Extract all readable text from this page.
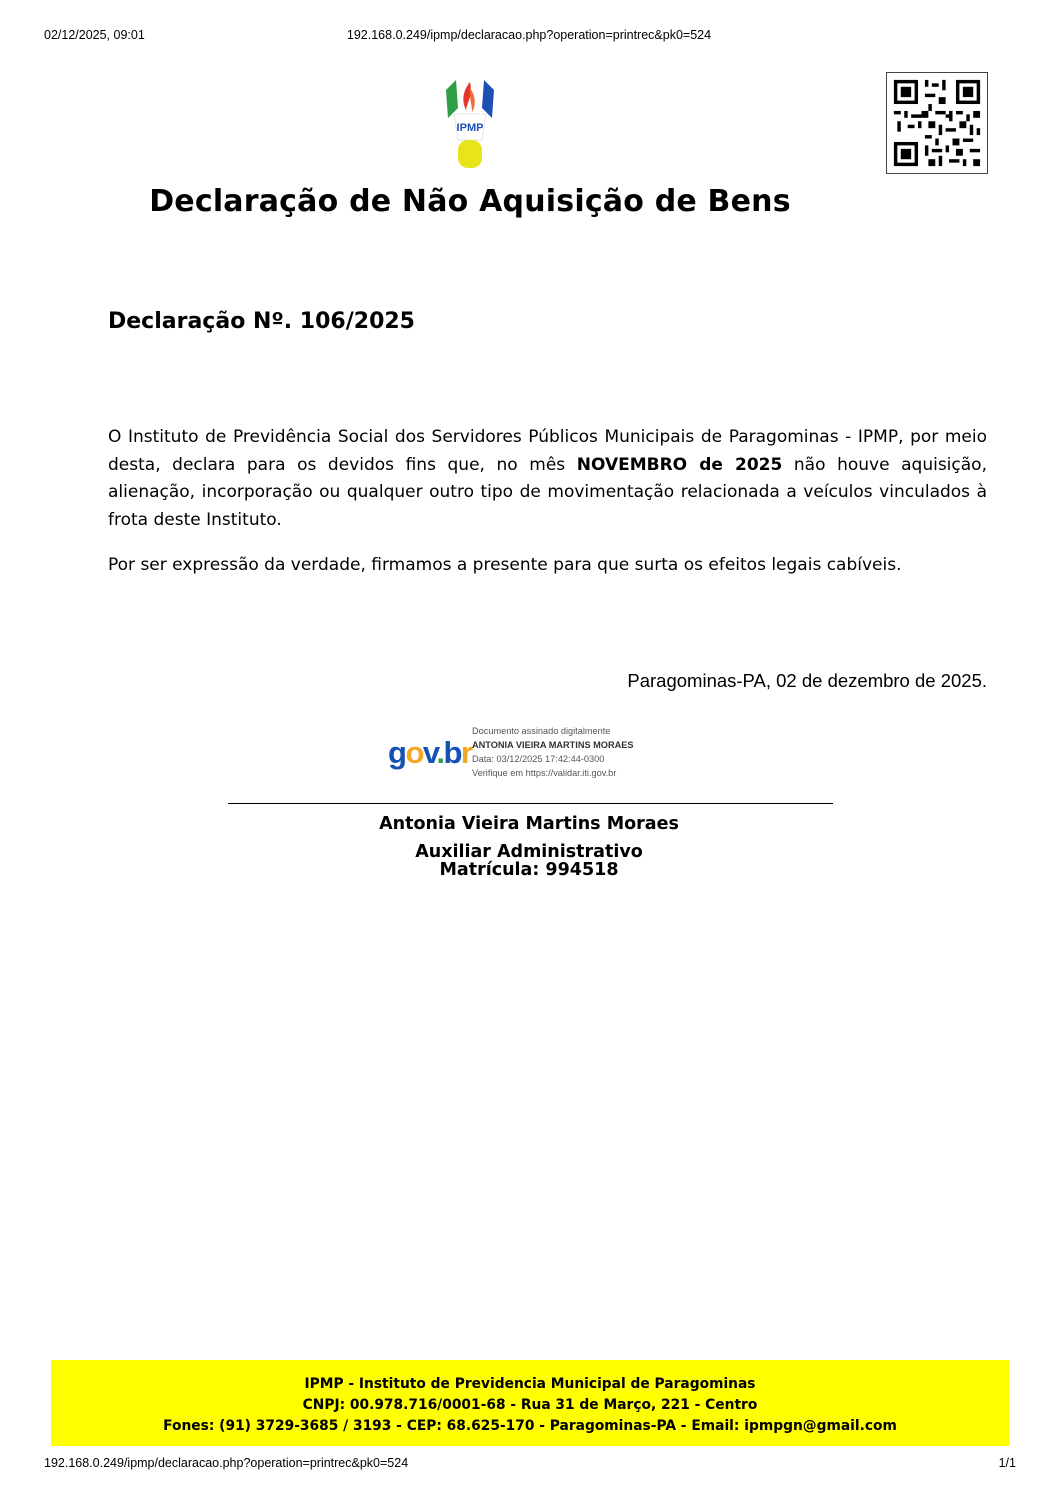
02/12/2025, 09:01	192.168.0.249/ipmp/declaracao.php?operation=printrec&pk0=524
IPMP
Declaração de Não Aquisição de Bens
Declaração Nº. 106/2025

O Instituto de Previdência Social dos Servidores Públicos Municipais de Paragominas - IPMP, por meio desta, declara para os devidos fins que, no mês NOVEMBRO de 2025 não houve aquisição, alienação, incorporação ou qualquer outro tipo de movimentação relacionada a veículos vinculados à frota deste Instituto.

Por ser expressão da verdade, firmamos a presente para que surta os efeitos legais cabíveis.

Paragominas-PA, 02 de dezembro de 2025.
gov.br
Documento assinado digitalmente
ANTONIA VIEIRA MARTINS MORAES
Data: 03/12/2025 17:42:44-0300
Verifique em https://validar.iti.gov.br
Antonia Vieira Martins Moraes
Auxiliar Administrativo
Matrícula: 994518
IPMP - Instituto de Previdencia Municipal de Paragominas
CNPJ: 00.978.716/0001-68 - Rua 31 de Março, 221 - Centro
Fones: (91) 3729-3685 / 3193 - CEP: 68.625-170 - Paragominas-PA - Email: ipmpgn@gmail.com
192.168.0.249/ipmp/declaracao.php?operation=printrec&pk0=524	1/1
